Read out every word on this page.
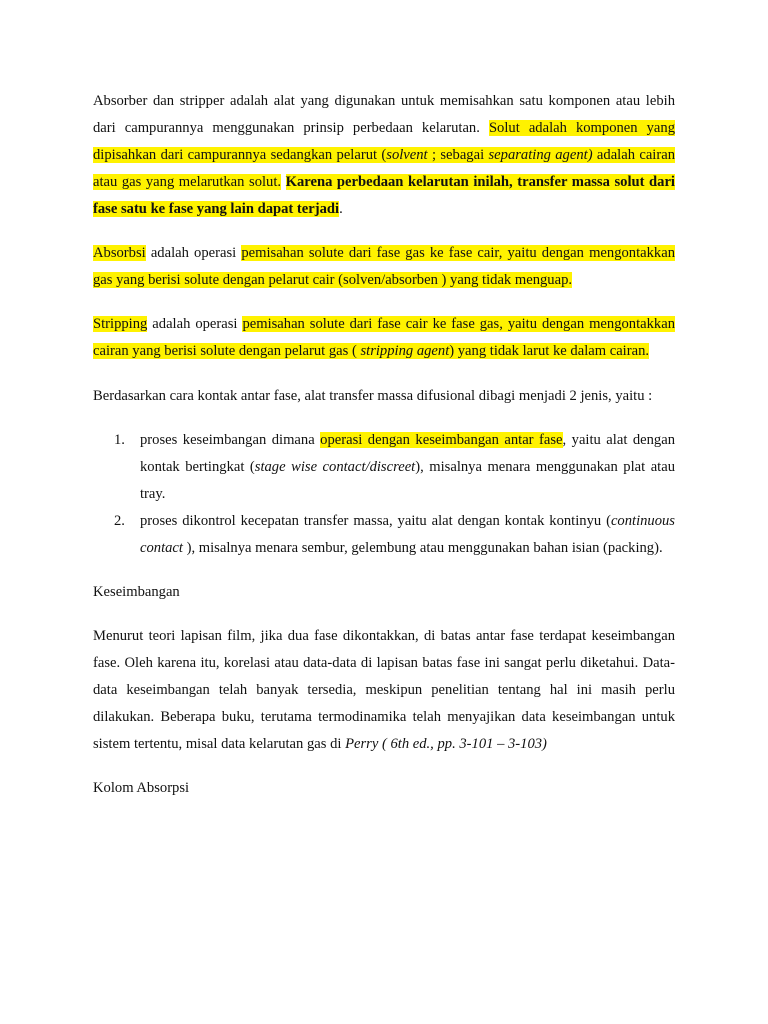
Absorber dan stripper adalah alat yang digunakan untuk memisahkan satu komponen atau lebih dari campurannya menggunakan prinsip perbedaan kelarutan. Solut adalah komponen yang dipisahkan dari campurannya sedangkan pelarut (solvent ; sebagai separating agent) adalah cairan atau gas yang melarutkan solut. Karena perbedaan kelarutan inilah, transfer massa solut dari fase satu ke fase yang lain dapat terjadi.

Absorbsi adalah operasi pemisahan solute dari fase gas ke fase cair, yaitu dengan mengontakkan gas yang berisi solute dengan pelarut cair (solven/absorben ) yang tidak menguap.

Stripping adalah operasi pemisahan solute dari fase cair ke fase gas, yaitu dengan mengontakkan cairan yang berisi solute dengan pelarut gas ( stripping agent) yang tidak larut ke dalam cairan.

Berdasarkan cara kontak antar fase, alat transfer massa difusional dibagi menjadi 2 jenis, yaitu :

1. proses keseimbangan dimana operasi dengan keseimbangan antar fase, yaitu alat dengan kontak bertingkat (stage wise contact/discreet), misalnya menara menggunakan plat atau tray.
2. proses dikontrol kecepatan transfer massa, yaitu alat dengan kontak kontinyu (continuous contact ), misalnya menara sembur, gelembung atau menggunakan bahan isian (packing).

Keseimbangan

Menurut teori lapisan film, jika dua fase dikontakkan, di batas antar fase terdapat keseimbangan fase. Oleh karena itu, korelasi atau data-data di lapisan batas fase ini sangat perlu diketahui. Data-data keseimbangan telah banyak tersedia, meskipun penelitian tentang hal ini masih perlu dilakukan. Beberapa buku, terutama termodinamika telah menyajikan data keseimbangan untuk sistem tertentu, misal data kelarutan gas di Perry ( 6th ed., pp. 3-101 – 3-103)

Kolom Absorpsi
